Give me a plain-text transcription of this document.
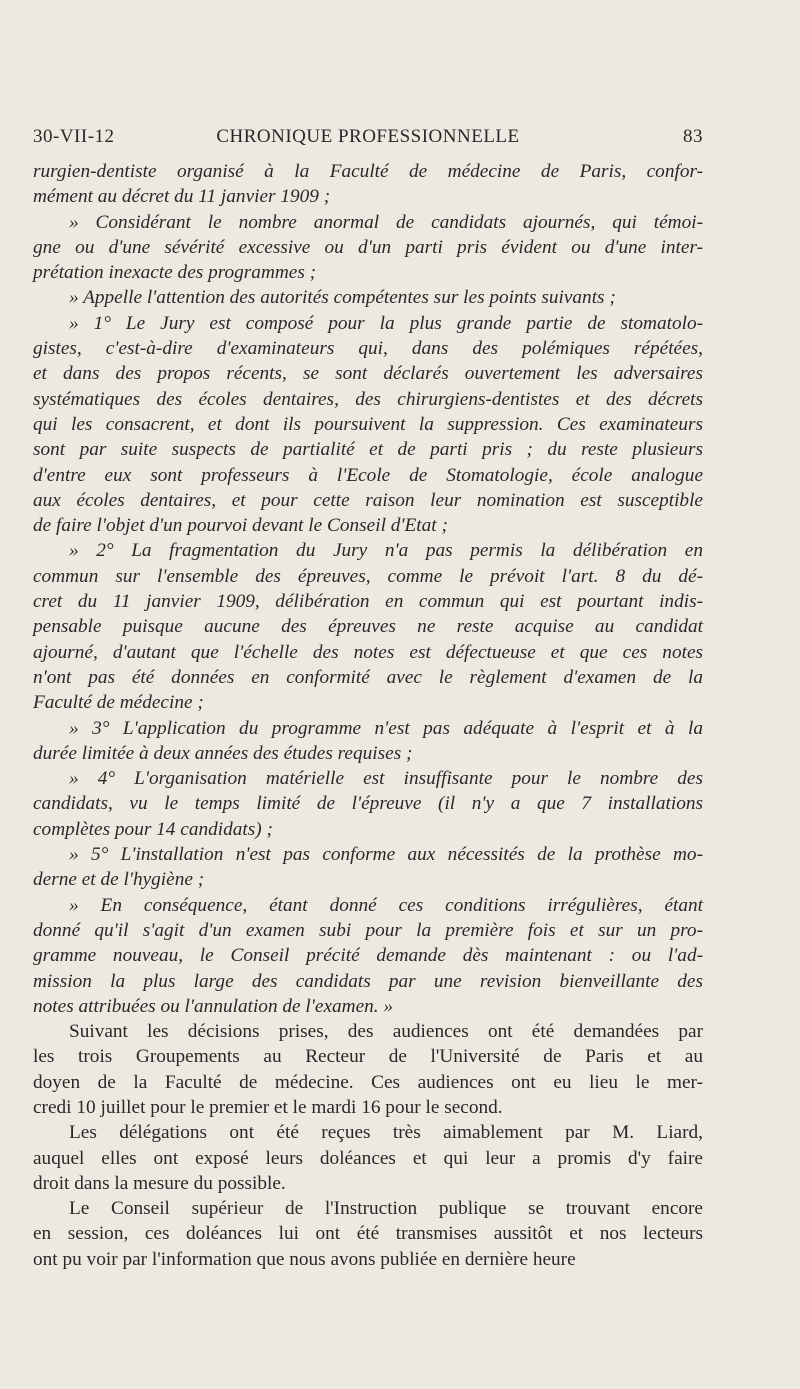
30-VII-12	CHRONIQUE PROFESSIONNELLE	83
rurgien-dentiste organisé à la Faculté de médecine de Paris, confor-
mément au décret du 11 janvier 1909 ;
» Considérant le nombre anormal de candidats ajournés, qui témoi-
gne ou d'une sévérité excessive ou d'un parti pris évident ou d'une inter-
prétation inexacte des programmes ;
» Appelle l'attention des autorités compétentes sur les points suivants ;
» 1° Le Jury est composé pour la plus grande partie de stomatolo-
gistes, c'est-à-dire d'examinateurs qui, dans des polémiques répétées,
et dans des propos récents, se sont déclarés ouvertement les adversaires
systématiques des écoles dentaires, des chirurgiens-dentistes et des décrets
qui les consacrent, et dont ils poursuivent la suppression. Ces examinateurs
sont par suite suspects de partialité et de parti pris ; du reste plusieurs
d'entre eux sont professeurs à l'Ecole de Stomatologie, école analogue
aux écoles dentaires, et pour cette raison leur nomination est susceptible
de faire l'objet d'un pourvoi devant le Conseil d'Etat ;
» 2° La fragmentation du Jury n'a pas permis la délibération en
commun sur l'ensemble des épreuves, comme le prévoit l'art. 8 du dé-
cret du 11 janvier 1909, délibération en commun qui est pourtant indis-
pensable puisque aucune des épreuves ne reste acquise au candidat
ajourné, d'autant que l'échelle des notes est défectueuse et que ces notes
n'ont pas été données en conformité avec le règlement d'examen de la
Faculté de médecine ;
» 3° L'application du programme n'est pas adéquate à l'esprit et à la
durée limitée à deux années des études requises ;
» 4° L'organisation matérielle est insuffisante pour le nombre des
candidats, vu le temps limité de l'épreuve (il n'y a que 7 installations
complètes pour 14 candidats) ;
» 5° L'installation n'est pas conforme aux nécessités de la prothèse mo-
derne et de l'hygiène ;
» En conséquence, étant donné ces conditions irrégulières, étant
donné qu'il s'agit d'un examen subi pour la première fois et sur un pro-
gramme nouveau, le Conseil précité demande dès maintenant : ou l'ad-
mission la plus large des candidats par une revision bienveillante des
notes attribuées ou l'annulation de l'examen. »
Suivant les décisions prises, des audiences ont été demandées par
les trois Groupements au Recteur de l'Université de Paris et au
doyen de la Faculté de médecine. Ces audiences ont eu lieu le mer-
credi 10 juillet pour le premier et le mardi 16 pour le second.
Les délégations ont été reçues très aimablement par M. Liard,
auquel elles ont exposé leurs doléances et qui leur a promis d'y faire
droit dans la mesure du possible.
Le Conseil supérieur de l'Instruction publique se trouvant encore
en session, ces doléances lui ont été transmises aussitôt et nos lecteurs
ont pu voir par l'information que nous avons publiée en dernière heure
